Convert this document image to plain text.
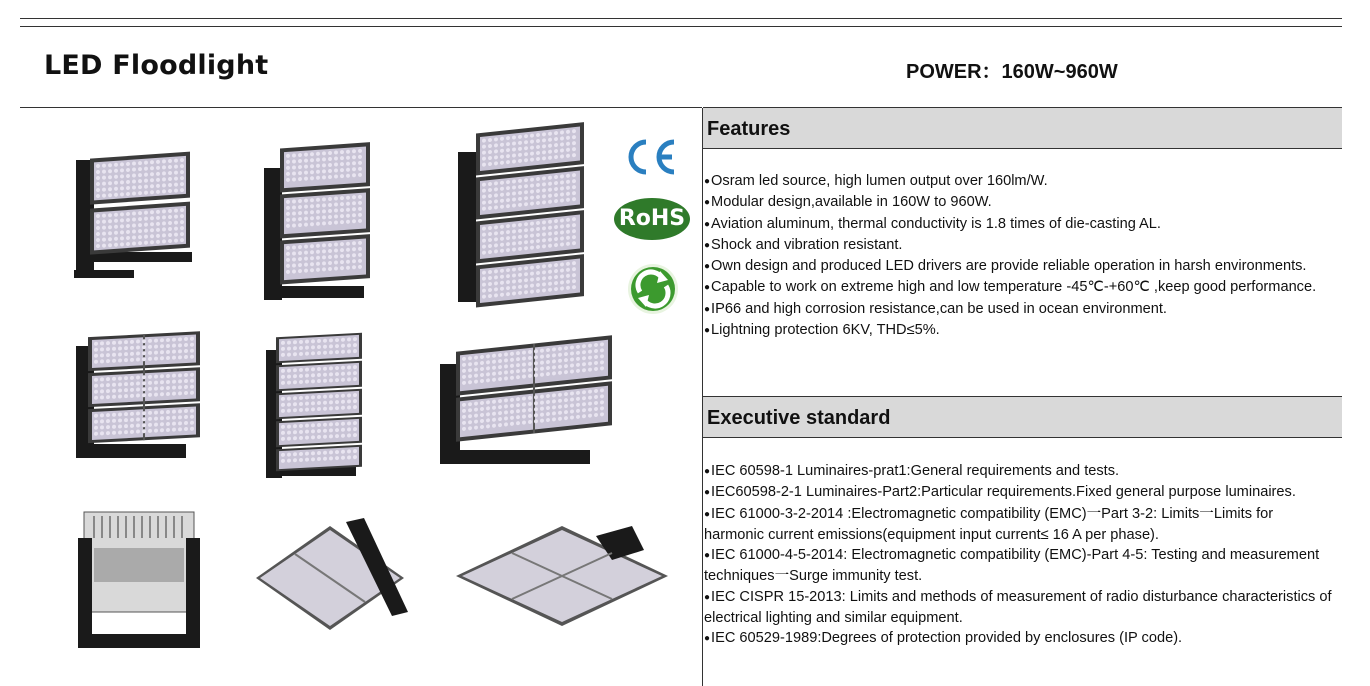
LED Floodlight	POWER：160W~960W
RoHS
Features
●Osram led source, high lumen output over 160lm/W.
●Modular design,available in 160W to 960W.
●Aviation aluminum, thermal conductivity is 1.8 times of die-casting AL.
●Shock and vibration resistant.
●Own design and produced LED drivers are provide reliable operation in harsh environments.
●Capable to work on extreme high and low temperature -45℃-+60℃ ,keep good performance.
●IP66 and high corrosion resistance,can be used in ocean environment.
●Lightning protection 6KV, THD≤5%.
Executive standard
●IEC 60598-1 Luminaires-prat1:General requirements and tests.
●IEC60598-2-1 Luminaires-Part2:Particular requirements.Fixed general purpose luminaires.
●IEC 61000-3-2-2014 :Electromagnetic compatibility (EMC)一Part 3-2: Limits一Limits for harmonic current emissions(equipment input current≤ 16 A per phase).
●IEC 61000-4-5-2014: Electromagnetic compatibility (EMC)-Part 4-5: Testing and measurement techniques一Surge immunity test.
●IEC CISPR 15-2013: Limits and methods of measurement of radio disturbance characteristics of electrical lighting and similar equipment.
●IEC 60529-1989:Degrees of protection provided by enclosures (IP code).
